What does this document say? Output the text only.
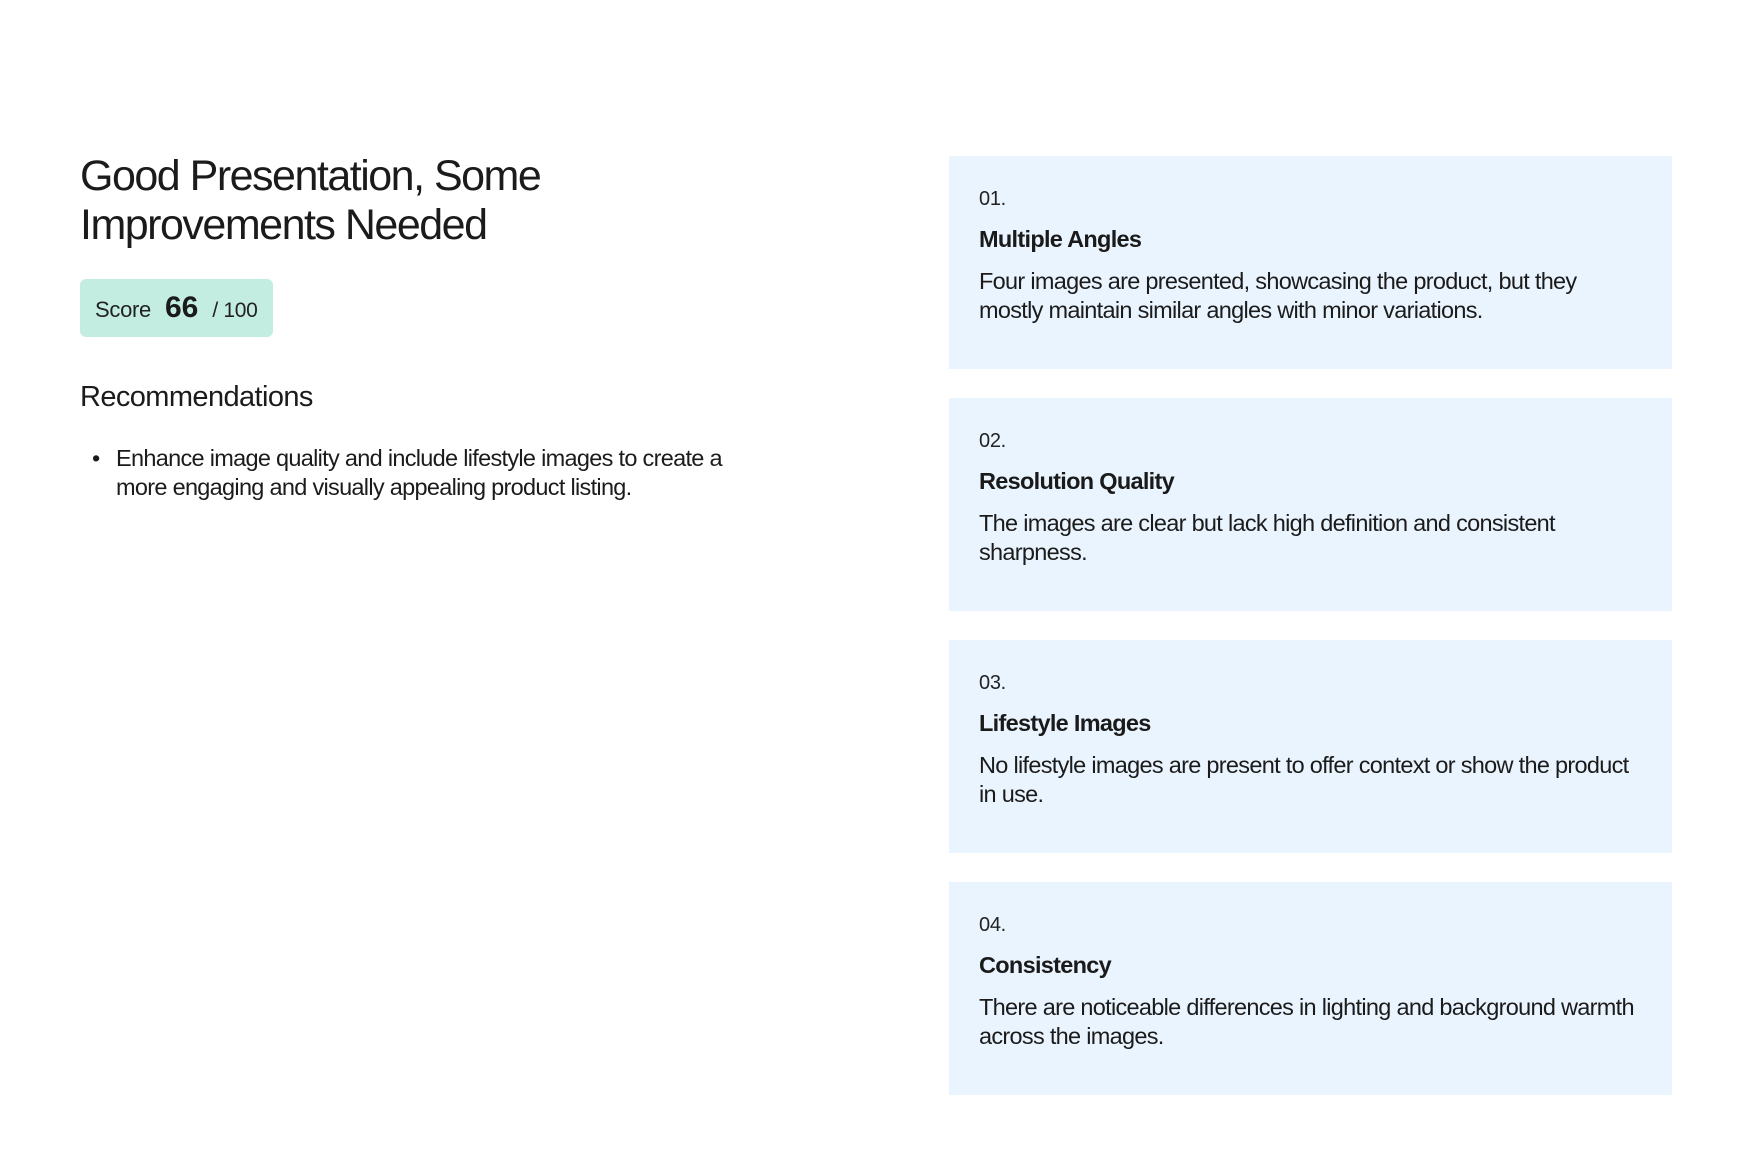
Good Presentation, Some
Improvements Needed
Score 66 / 100
Recommendations
• Enhance image quality and include lifestyle images to create a more engaging and visually appealing product listing.
01.
Multiple Angles
Four images are presented, showcasing the product, but they mostly maintain similar angles with minor variations.
02.
Resolution Quality
The images are clear but lack high definition and consistent sharpness.
03.
Lifestyle Images
No lifestyle images are present to offer context or show the product in use.
04.
Consistency
There are noticeable differences in lighting and background warmth across the images.
